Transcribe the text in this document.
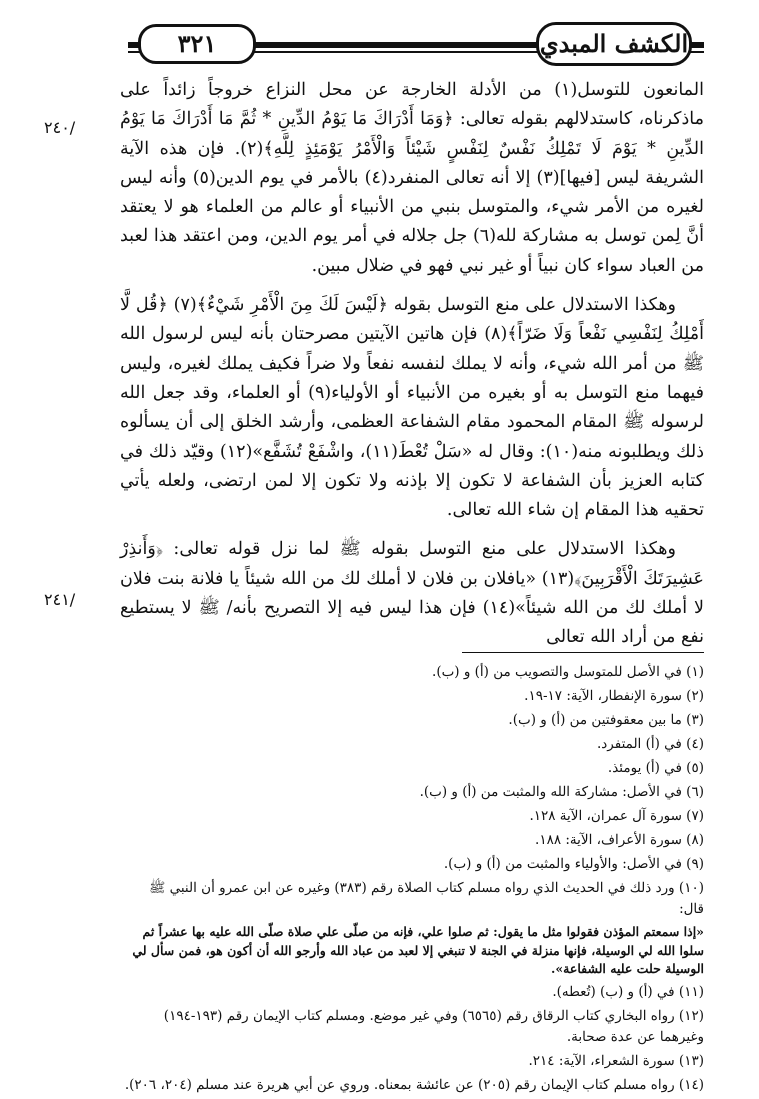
٣٢١	الكشف المبدي
٢٤٠/
٢٤١/

المانعون للتوسل(١) من الأدلة الخارجة عن محل النزاع خروجاً زائداً على ماذكرناه، كاستدلالهم بقوله تعالى: ﴿وَمَا أَدْرَاكَ مَا يَوْمُ الدِّينِ * ثُمَّ مَا أَدْرَاكَ مَا يَوْمُ الدِّينِ * يَوْمَ لَا تَمْلِكُ نَفْسٌ لِنَفْسٍ شَيْئاً وَالْأَمْرُ يَوْمَئِذٍ لِلَّهِ﴾(٢). فإن هذه الآية الشريفة ليس [فيها](٣) إلا أنه تعالى المنفرد(٤) بالأمر في يوم الدين(٥) وأنه ليس لغيره من الأمر شيء، والمتوسل بنبي من الأنبياء أو عالم من العلماء هو لا يعتقد أنَّ لِمن توسل به مشاركة لله(٦) جل جلاله في أمر يوم الدين، ومن اعتقد هذا لعبد من العباد سواء كان نبياً أو غير نبي فهو في ضلال مبين.

وهكذا الاستدلال على منع التوسل بقوله ﴿لَيْسَ لَكَ مِنَ الْأَمْرِ شَيْءٌ﴾(٧) ﴿قُل لَّا أَمْلِكُ لِنَفْسِي نَفْعاً وَلَا ضَرّاً﴾(٨) فإن هاتين الآيتين مصرحتان بأنه ليس لرسول الله ﷺ من أمر الله شيء، وأنه لا يملك لنفسه نفعاً ولا ضراً فكيف يملك لغيره، وليس فيهما منع التوسل به أو بغيره من الأنبياء أو الأولياء(٩) أو العلماء، وقد جعل الله لرسوله ﷺ المقام المحمود مقام الشفاعة العظمى، وأرشد الخلق إلى أن يسألوه ذلك ويطلبونه منه(١٠): وقال له «سَلْ تُعْطَ(١١)، واشْفَعْ تُشَفَّع»(١٢) وقيّد ذلك في كتابه العزيز بأن الشفاعة لا تكون إلا بإذنه ولا تكون إلا لمن ارتضى، ولعله يأتي تحقيه هذا المقام إن شاء الله تعالى.

وهكذا الاستدلال على منع التوسل بقوله ﷺ لما نزل قوله تعالى: ﴿وَأَنذِرْ عَشِيرَتَكَ الْأَقْرَبِينَ﴾(١٣) «يافلان بن فلان لا أملك لك من الله شيئاً يا فلانة بنت فلان لا أملك لك من الله شيئاً»(١٤) فإن هذا ليس فيه إلا التصريح بأنه/ ﷺ لا يستطيع نفع من أراد الله تعالى

(١) في الأصل للمتوسل والتصويب من (أ) و (ب).
(٢) سورة الإنفطار، الآية: ١٧-١٩.
(٣) ما بين معقوفتين من (أ) و (ب).
(٤) في (أ) المتفرد.
(٥) في (أ) يومئذ.
(٦) في الأصل: مشاركة الله والمثبت من (أ) و (ب).
(٧) سورة آل عمران، الآية ١٢٨.
(٨) سورة الأعراف، الآية: ١٨٨.
(٩) في الأصل: والأولياء والمثبت من (أ) و (ب).
(١٠) ورد ذلك في الحديث الذي رواه مسلم كتاب الصلاة رقم (٣٨٣) وغيره عن ابن عمرو أن النبي ﷺ قال:
«إذا سمعتم المؤذن فقولوا مثل ما يقول: ثم صلوا علي، فإنه من صلّى علي صلاة صلّى الله عليه بها عشراً ثم سلوا الله لي الوسيلة، فإنها منزلة في الجنة لا تنبغي إلا لعبد من عباد الله وأرجو الله أن أكون هو، فمن سأل لي الوسيلة حلت عليه الشفاعة».
(١١) في (أ) و (ب) (تُعطه).
(١٢) رواه البخاري كتاب الرقاق رقم (٦٥٦٥) وفي غير موضع. ومسلم كتاب الإيمان رقم (١٩٣-١٩٤) وغيرهما عن عدة صحابة.
(١٣) سورة الشعراء، الآية: ٢١٤.
(١٤) رواه مسلم كتاب الإيمان رقم (٢٠٥) عن عائشة بمعناه. وروي عن أبي هريرة عند مسلم (٢٠٤، ٢٠٦).
